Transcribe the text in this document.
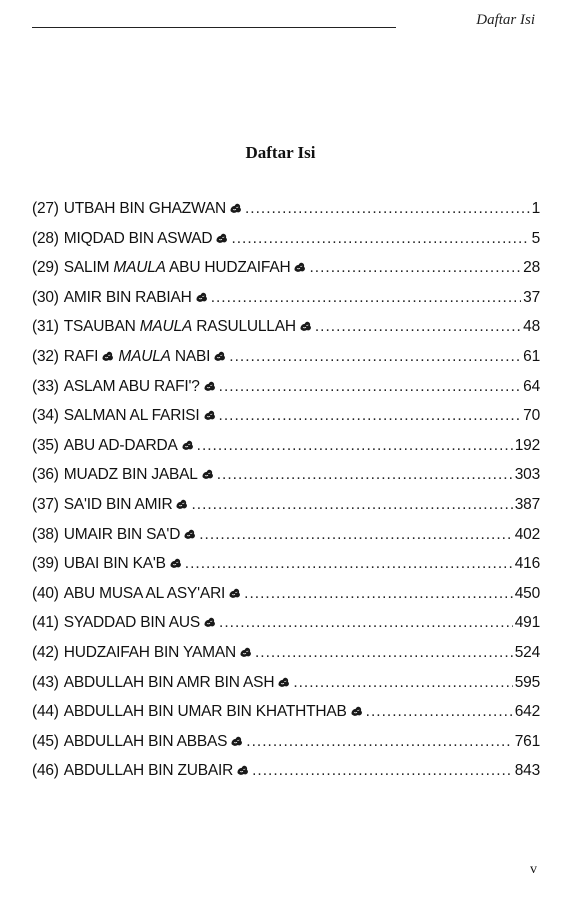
Daftar Isi
Daftar Isi
(27) UTBAH BIN GHAZWAN .....	1
(28) MIQDAD BIN ASWAD .....	5
(29) SALIM MAULA ABU HUDZAIFAH .....	28
(30) AMIR BIN RABIAH .....	37
(31) TSAUBAN MAULA RASULULLAH .....	48
(32) RAFI MAULA NABI .....	61
(33) ASLAM ABU RAFI'? .....	64
(34) SALMAN AL FARISI .....	70
(35) ABU AD-DARDA .....	192
(36) MUADZ BIN JABAL .....	303
(37) SA'ID BIN AMIR .....	387
(38) UMAIR BIN SA'D .....	402
(39) UBAI BIN KA'B .....	416
(40) ABU MUSA AL ASY'ARI .....	450
(41) SYADDAD BIN AUS .....	491
(42) HUDZAIFAH BIN YAMAN .....	524
(43) ABDULLAH BIN AMR BIN ASH .....	595
(44) ABDULLAH BIN UMAR BIN KHATHTHAB .....	642
(45) ABDULLAH BIN ABBAS .....	761
(46) ABDULLAH BIN ZUBAIR .....	843
v
